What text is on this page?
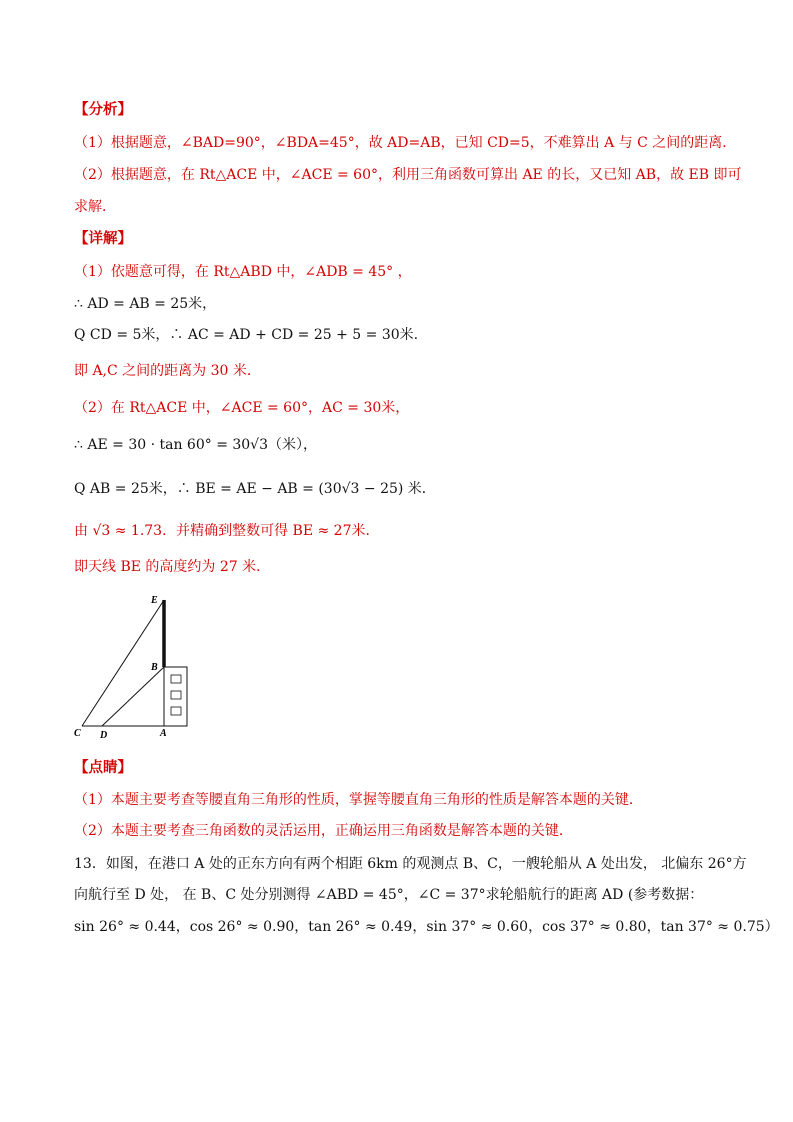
【分析】
（1）根据题意，∠BAD=90°，∠BDA=45°，故 AD=AB，已知 CD=5，不难算出 A 与 C 之间的距离．
（2）根据题意，在 Rt△ACE 中，∠ACE = 60°，利用三角函数可算出 AE 的长，又已知 AB，故 EB 即可
求解．
【详解】
（1）依题意可得，在 Rt△ABD 中，∠ADB = 45° ，
∴ AD = AB = 25米，
Q CD = 5米，∴ AC = AD + CD = 25 + 5 = 30米.
即 A,C 之间的距离为 30 米．
（2）在 Rt△ACE 中，∠ACE = 60°，AC = 30米，
∴ AE = 30 · tan 60° = 30√3（米），
Q AB = 25米，∴ BE = AE − AB = (30√3 − 25) 米．
由 √3 ≈ 1.73．并精确到整数可得 BE ≈ 27米．
即天线 BE 的高度约为 27 米．
E
B
C D	A
【点睛】
（1）本题主要考查等腰直角三角形的性质，掌握等腰直角三角形的性质是解答本题的关键．
（2）本题主要考查三角函数的灵活运用，正确运用三角函数是解答本题的关键．
13．如图，在港口 A 处的正东方向有两个相距 6km 的观测点 B、C，一艘轮船从 A 处出发， 北偏东 26°方
向航行至 D 处， 在 B、C 处分别测得 ∠ABD = 45°，∠C = 37°求轮船航行的距离 AD (参考数据：
sin 26° ≈ 0.44，cos 26° ≈ 0.90，tan 26° ≈ 0.49，sin 37° ≈ 0.60，cos 37° ≈ 0.80，tan 37° ≈ 0.75）
